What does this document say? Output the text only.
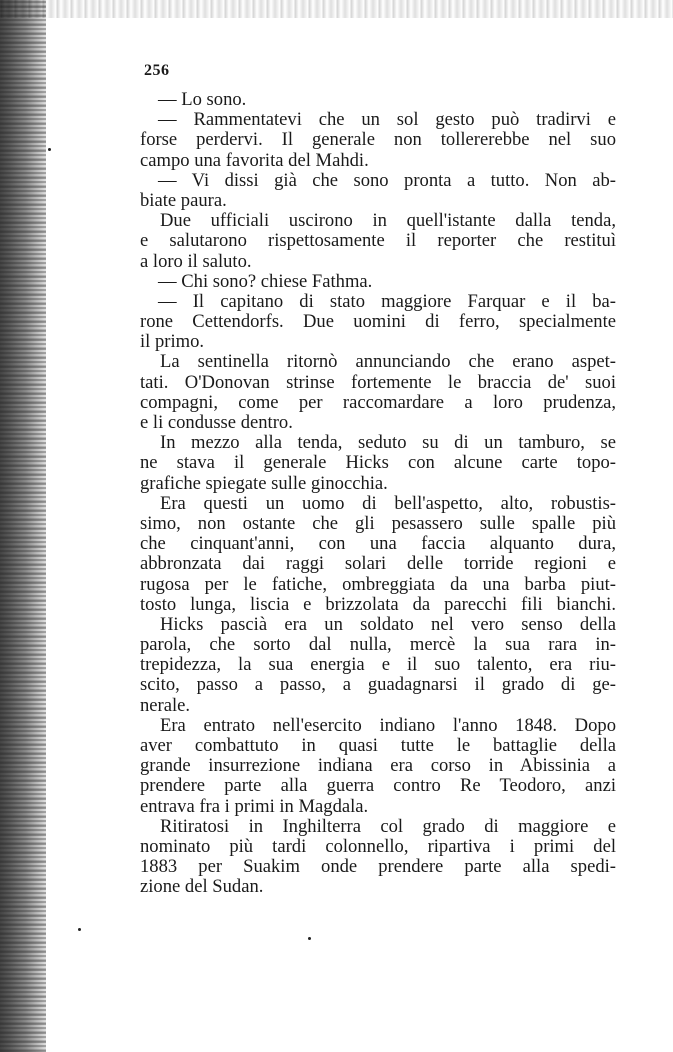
256
— Lo sono.
— Rammentatevi che un sol gesto può tradirvi e
forse perdervi. Il generale non tollererebbe nel suo
campo una favorita del Mahdi.
— Vi dissi già che sono pronta a tutto. Non ab-
biate paura.
Due ufficiali uscirono in quell'istante dalla tenda,
e salutarono rispettosamente il reporter che restituì
a loro il saluto.
— Chi sono? chiese Fathma.
— Il capitano di stato maggiore Farquar e il ba-
rone Cettendorfs. Due uomini di ferro, specialmente
il primo.
La sentinella ritornò annunciando che erano aspet-
tati. O'Donovan strinse fortemente le braccia de' suoi
compagni, come per raccomardare a loro prudenza,
e li condusse dentro.
In mezzo alla tenda, seduto su di un tamburo, se
ne stava il generale Hicks con alcune carte topo-
grafiche spiegate sulle ginocchia.
Era questi un uomo di bell'aspetto, alto, robustis-
simo, non ostante che gli pesassero sulle spalle più
che cinquant'anni, con una faccia alquanto dura,
abbronzata dai raggi solari delle torride regioni e
rugosa per le fatiche, ombreggiata da una barba piut-
tosto lunga, liscia e brizzolata da parecchi fili bianchi.
Hicks pascià era un soldato nel vero senso della
parola, che sorto dal nulla, mercè la sua rara in-
trepidezza, la sua energia e il suo talento, era riu-
scito, passo a passo, a guadagnarsi il grado di ge-
nerale.
Era entrato nell'esercito indiano l'anno 1848. Dopo
aver combattuto in quasi tutte le battaglie della
grande insurrezione indiana era corso in Abissinia a
prendere parte alla guerra contro Re Teodoro, anzi
entrava fra i primi in Magdala.
Ritiratosi in Inghilterra col grado di maggiore e
nominato più tardi colonnello, ripartiva i primi del
1883 per Suakim onde prendere parte alla spedi-
zione del Sudan.
